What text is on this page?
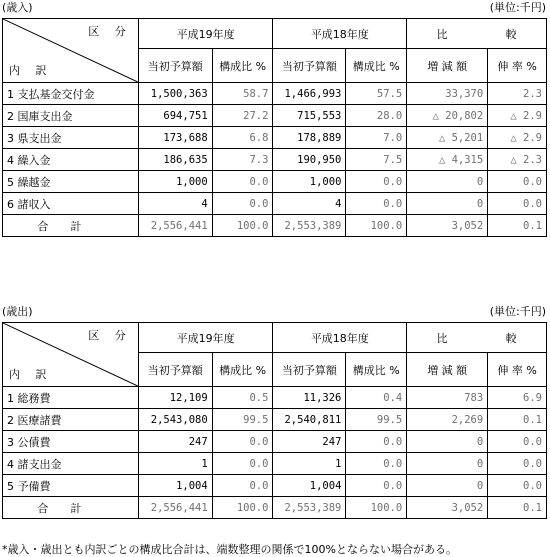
(歳入)	(単位:千円)
区 分
内 訳	平成19年度		平成18年度		比 較	
	当初予算額	構成比 %	当初予算額	構成比 %	増 減 額	伸 率 %
1 支払基金交付金	1,500,363	58.7	1,466,993	57.5	33,370	2.3
2 国庫支出金	694,751	27.2	715,553	28.0	△ 20,802	△ 2.9
3 県支出金	173,688	6.8	178,889	7.0	△ 5,201	△ 2.9
4 繰入金	186,635	7.3	190,950	7.5	△ 4,315	△ 2.3
5 繰越金	1,000	0.0	1,000	0.0	0	0.0
6 諸収入	4	0.0	4	0.0	0	0.0
合計	2,556,441	100.0	2,553,389	100.0	3,052	0.1
(歳出)	(単位:千円)
区 分
内 訳	平成19年度		平成18年度		比 較	
	当初予算額	構成比 %	当初予算額	構成比 %	増 減 額	伸 率 %
1 総務費	12,109	0.5	11,326	0.4	783	6.9
2 医療諸費	2,543,080	99.5	2,540,811	99.5	2,269	0.1
3 公債費	247	0.0	247	0.0	0	0.0
4 諸支出金	1	0.0	1	0.0	0	0.0
5 予備費	1,004	0.0	1,004	0.0	0	0.0
合計	2,556,441	100.0	2,553,389	100.0	3,052	0.1
*歳入・歳出とも内訳ごとの構成比合計は、端数整理の関係で100%とならない場合がある。
